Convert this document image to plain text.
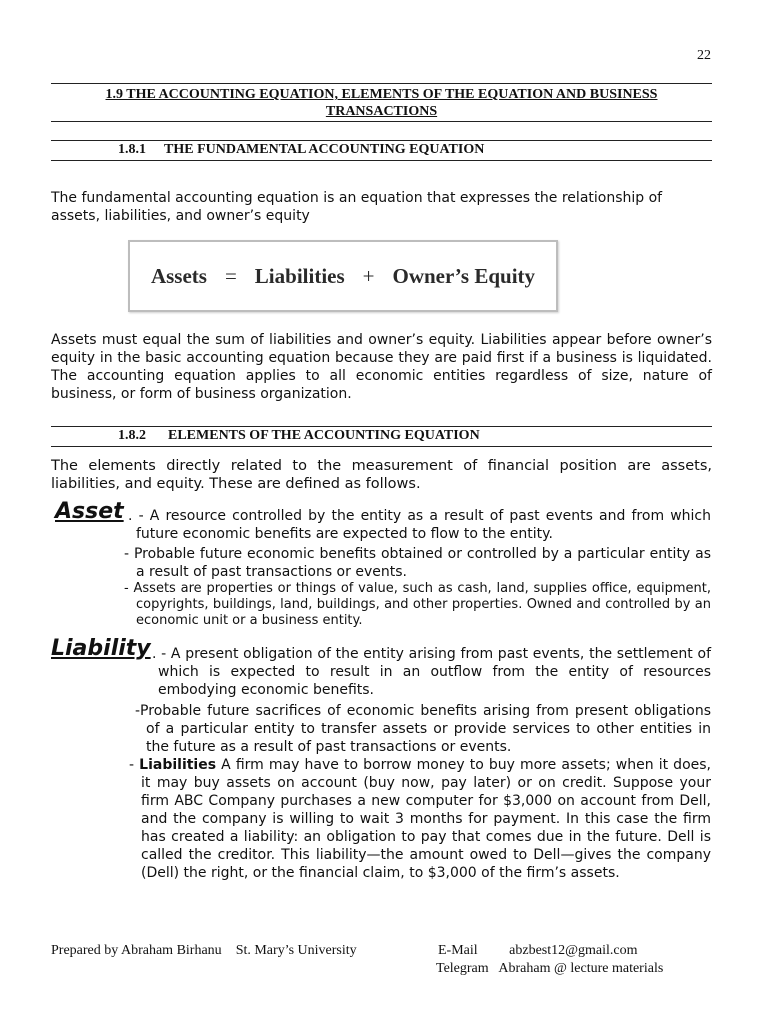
22
1.9 THE ACCOUNTING EQUATION, ELEMENTS OF THE EQUATION AND BUSINESS
TRANSACTIONS
1.8.1 THE FUNDAMENTAL ACCOUNTING EQUATION
The fundamental accounting equation is an equation that expresses the relationship of assets, liabilities, and owner’s equity
Assets = Liabilities + Owner’s Equity
Assets must equal the sum of liabilities and owner’s equity. Liabilities appear before owner’s equity in the basic accounting equation because they are paid first if a business is liquidated. The accounting equation applies to all economic entities regardless of size, nature of business, or form of business organization.
1.8.2 ELEMENTS OF THE ACCOUNTING EQUATION
The elements directly related to the measurement of financial position are assets, liabilities, and equity. These are defined as follows.
Asset . - A resource controlled by the entity as a result of past events and from which future economic benefits are expected to flow to the entity.
- Probable future economic benefits obtained or controlled by a particular entity as a result of past transactions or events.
- Assets are properties or things of value, such as cash, land, supplies office, equipment, copyrights, buildings, land, buildings, and other properties. Owned and controlled by an economic unit or a business entity.
Liability . - A present obligation of the entity arising from past events, the settlement of which is expected to result in an outflow from the entity of resources embodying economic benefits.
-Probable future sacrifices of economic benefits arising from present obligations of a particular entity to transfer assets or provide services to other entities in the future as a result of past transactions or events.
- Liabilities A firm may have to borrow money to buy more assets; when it does, it may buy assets on account (buy now, pay later) or on credit. Suppose your firm ABC Company purchases a new computer for $3,000 on account from Dell, and the company is willing to wait 3 months for payment. In this case the firm has created a liability: an obligation to pay that comes due in the future. Dell is called the creditor. This liability—the amount owed to Dell—gives the company (Dell) the right, or the financial claim, to $3,000 of the firm’s assets.
Prepared by Abraham Birhanu St. Mary’s University	E-Mail abzbest12@gmail.com
Telegram Abraham @ lecture materials
